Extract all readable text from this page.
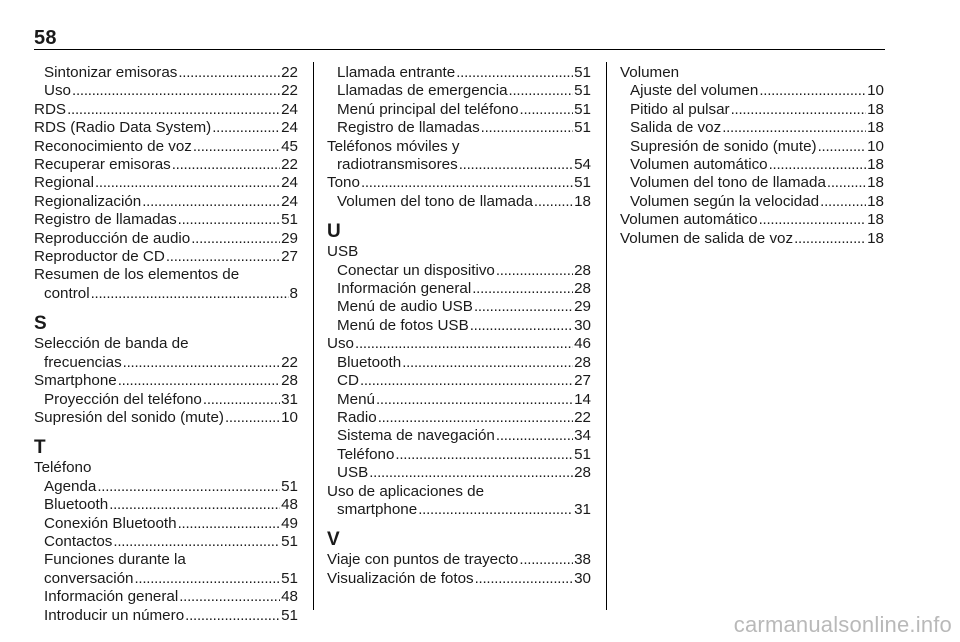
58
Sintonizar emisoras . . .	22
Uso . . .	22
RDS . . .	24
RDS (Radio Data System) . . .	24
Reconocimiento de voz . . .	45
Recuperar emisoras . . .	22
Regional . . .	24
Regionalización . . .	24
Registro de llamadas . . .	51
Reproducción de audio . . .	29
Reproductor de CD . . .	27
Resumen de los elementos de
control . . .	8
S
Selección de banda de
frecuencias . . .	22
Smartphone . . .	28
Proyección del teléfono . . .	31
Supresión del sonido (mute) . . .	10
T
Teléfono
Agenda . . .	51
Bluetooth . . .	48
Conexión Bluetooth . . .	49
Contactos . . .	51
Funciones durante la
conversación . . .	51
Información general . . .	48
Introducir un número . . .	51
Llamada entrante . . .	51
Llamadas de emergencia . . .	51
Menú principal del teléfono . . .	51
Registro de llamadas . . .	51
Teléfonos móviles y
radiotransmisores . . .	54
Tono . . .	51
Volumen del tono de llamada . . .	18
U
USB
Conectar un dispositivo . . .	28
Información general . . .	28
Menú de audio USB . . .	29
Menú de fotos USB . . .	30
Uso . . .	46
Bluetooth . . .	28
CD . . .	27
Menú . . .	14
Radio . . .	22
Sistema de navegación . . .	34
Teléfono . . .	51
USB . . .	28
Uso de aplicaciones de
smartphone . . .	31
V
Viaje con puntos de trayecto . . .	38
Visualización de fotos . . .	30
Volumen
Ajuste del volumen . . .	10
Pitido al pulsar . . .	18
Salida de voz . . .	18
Supresión de sonido (mute) . . .	10
Volumen automático . . .	18
Volumen del tono de llamada . . .	18
Volumen según la velocidad . . .	18
Volumen automático . . .	18
Volumen de salida de voz . . .	18
carmanualsonline.info
